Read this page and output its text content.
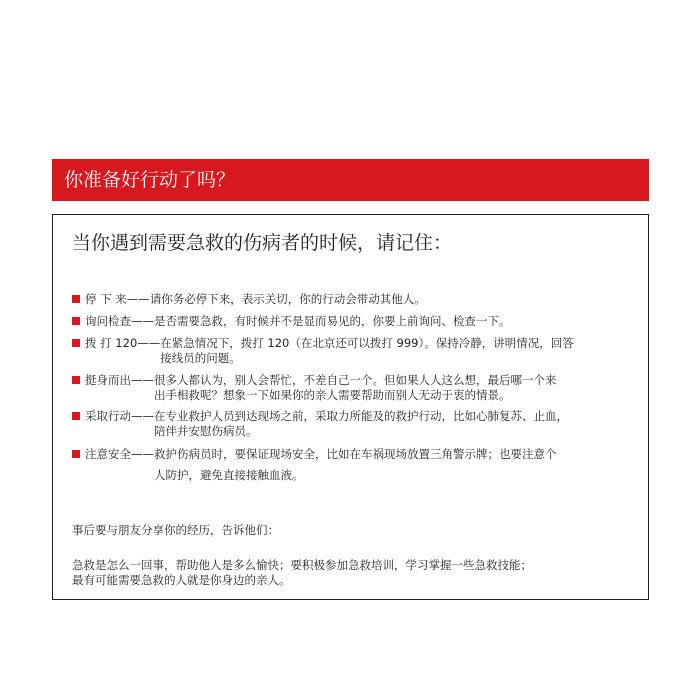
你准备好行动了吗？
当你遇到需要急救的伤病者的时候，请记住：
停 下 来—— 请你务必停下来，表示关切，你的行动会带动其他人。
询问检查—— 是否需要急救，有时候并不是显而易见的，你要上前询问、检查一下。
拨 打 120—— 在紧急情况下，拨打 120（在北京还可以拨打 999）。保持冷静，讲明情况，回答
接线员的问题。
挺身而出—— 很多人都认为，别人会帮忙，不差自己一个。但如果人人这么想，最后哪一个来
出手相救呢？想象一下如果你的亲人需要帮助而别人无动于衷的情景。
采取行动—— 在专业救护人员到达现场之前，采取力所能及的救护行动，比如心肺复苏、止血，
陪伴并安慰伤病员。
注意安全—— 救护伤病员时，要保证现场安全，比如在车祸现场放置三角警示牌；也要注意个
人防护，避免直接接触血液。
事后要与朋友分享你的经历，告诉他们：
急救是怎么一回事，帮助他人是多么愉快；要积极参加急救培训，学习掌握一些急救技能；
最有可能需要急救的人就是你身边的亲人。
